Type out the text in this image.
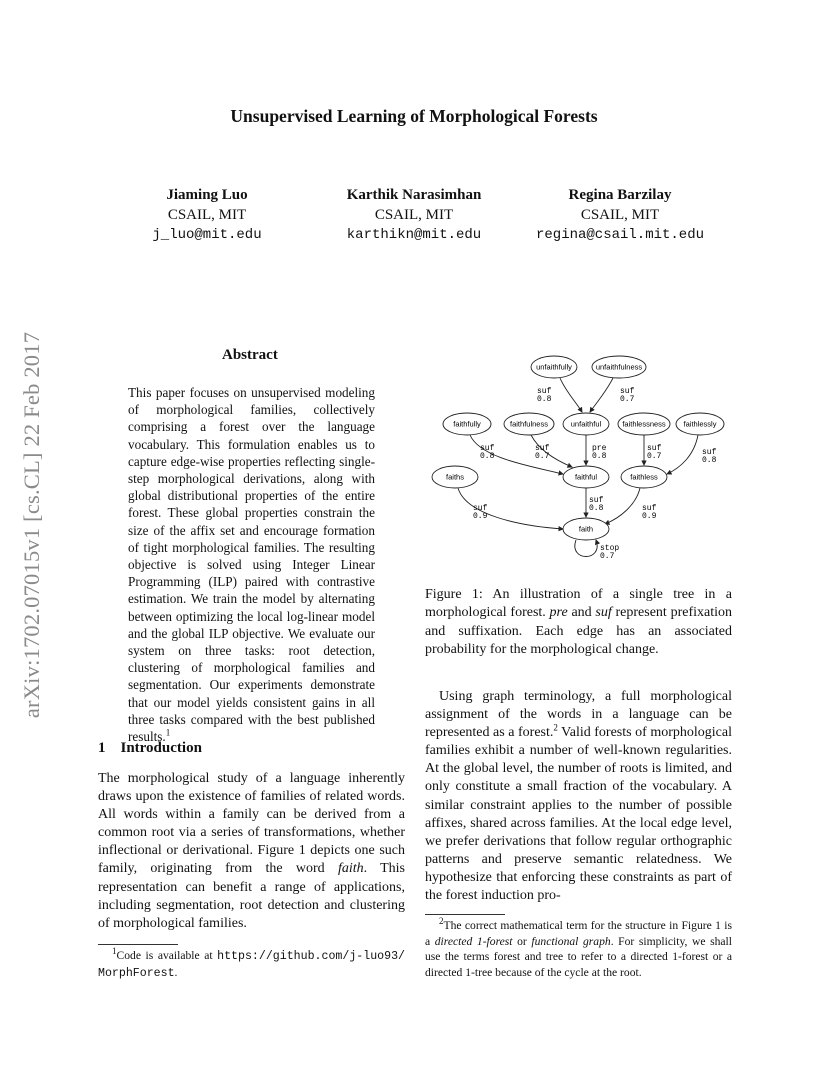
arXiv:1702.07015v1 [cs.CL] 22 Feb 2017
Unsupervised Learning of Morphological Forests
Jiaming Luo
CSAIL, MIT
j_luo@mit.edu
Karthik Narasimhan
CSAIL, MIT
karthikn@mit.edu
Regina Barzilay
CSAIL, MIT
regina@csail.mit.edu
Abstract
This paper focuses on unsupervised modeling of morphological families, collectively comprising a forest over the language vocabulary. This formulation enables us to capture edge-wise properties reflecting single-step morphological derivations, along with global distributional properties of the entire forest. These global properties constrain the size of the affix set and encourage formation of tight morphological families. The resulting objective is solved using Integer Linear Programming (ILP) paired with contrastive estimation. We train the model by alternating between optimizing the local log-linear model and the global ILP objective. We evaluate our system on three tasks: root detection, clustering of morphological families and segmentation. Our experiments demonstrate that our model yields consistent gains in all three tasks compared with the best published results.$^1$
1 Introduction
The morphological study of a language inherently draws upon the existence of families of related words. All words within a family can be derived from a common root via a series of transformations, whether inflectional or derivational. Figure 1 depicts one such family, originating from the word faith. This representation can benefit a range of applications, including segmentation, root detection and clustering of morphological families.
$^1$Code is available at https://github.com/j-luo93/MorphForest.
unfaithfully	unfaithfulness
faithfully	faithfulness	unfaithful	faithlessness faithlessly
faiths	faithful	faithless
faith
suf
0.8
suf
0.7
suf
0.8
suf
0.7
pre
0.8
suf
0.7	suf
0.8
suf
0.8	suf
0.9
suf
0.9
stop
0.7
Figure 1: An illustration of a single tree in a morphological forest. pre and suf represent prefixation and suffixation. Each edge has an associated probability for the morphological change.
Using graph terminology, a full morphological assignment of the words in a language can be represented as a forest.$^2$ Valid forests of morphological families exhibit a number of well-known regularities. At the global level, the number of roots is limited, and only constitute a small fraction of the vocabulary. A similar constraint applies to the number of possible affixes, shared across families. At the local edge level, we prefer derivations that follow regular orthographic patterns and preserve semantic relatedness. We hypothesize that enforcing these constraints as part of the forest induction pro-
$^2$The correct mathematical term for the structure in Figure 1 is a directed 1-forest or functional graph. For simplicity, we shall use the terms forest and tree to refer to a directed 1-forest or a directed 1-tree because of the cycle at the root.
